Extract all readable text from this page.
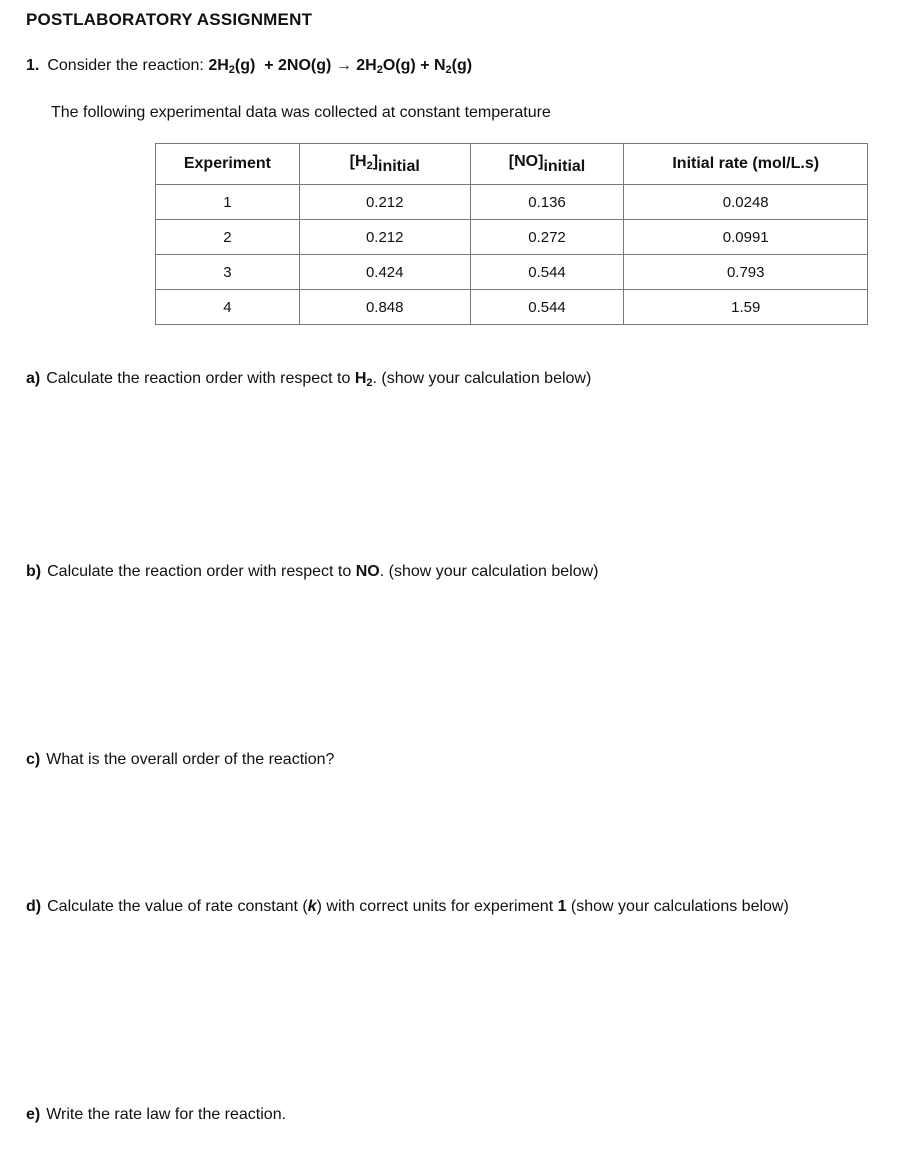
POSTLABORATORY ASSIGNMENT
1. Consider the reaction: $2H_2(g) + 2NO(g) \to 2H_2O(g) + N_2(g)$
The following experimental data was collected at constant temperature
Experiment	$[H_2]initial$	[NO]initial	Initial rate (mol/L.s)
1	0.212	0.136	0.0248
2	0.212	0.272	0.0991
3	0.424	0.544	0.793
4	0.848	0.544	1.59
a) Calculate the reaction order with respect to $H_2$. (show your calculation below)
b) Calculate the reaction order with respect to NO. (show your calculation below)
c) What is the overall order of the reaction?
d) Calculate the value of rate constant (k) with correct units for experiment 1 (show your calculations below)
e) Write the rate law for the reaction.
